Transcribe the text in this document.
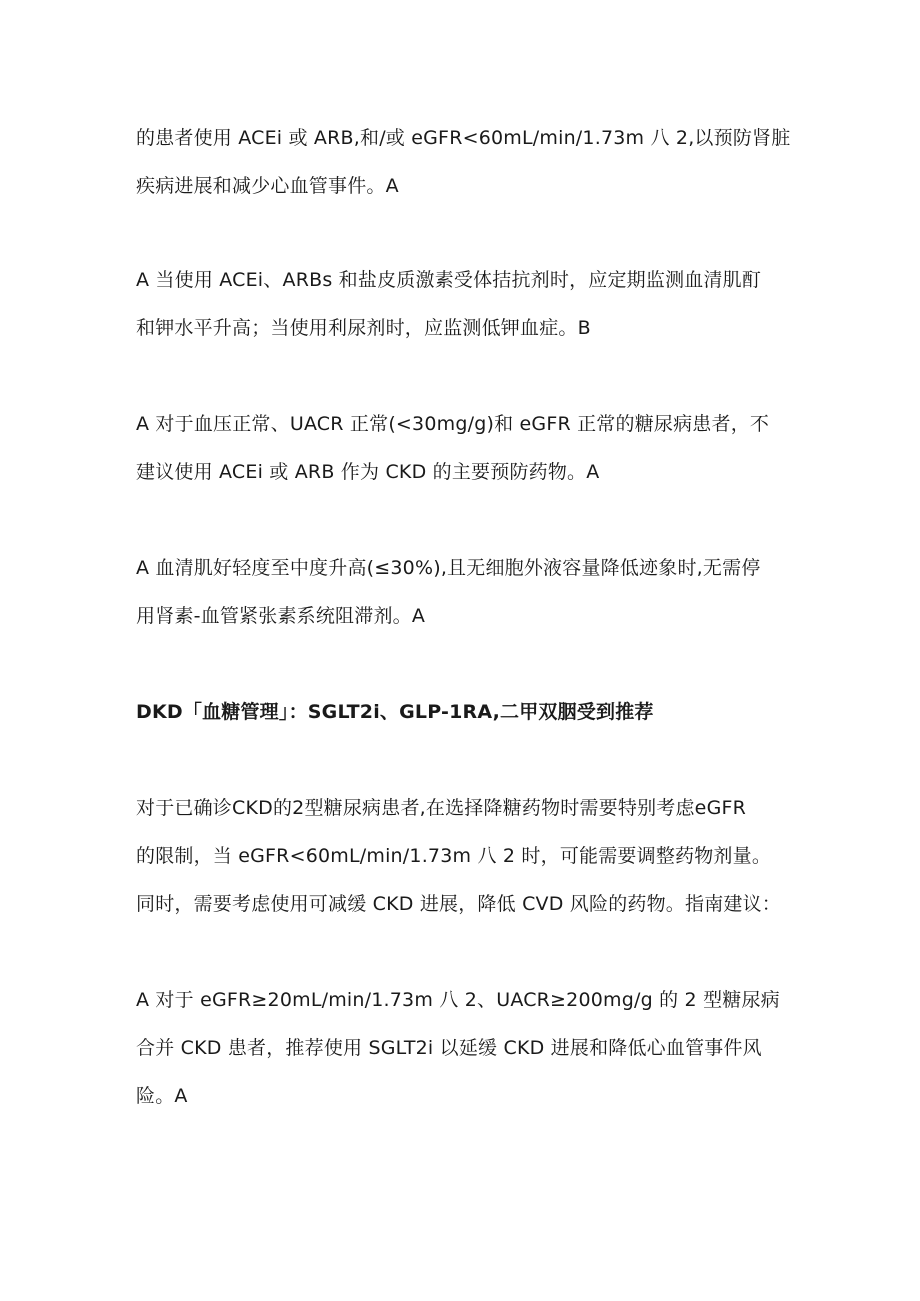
的患者使用 ACEi 或 ARB,和/或 eGFR<60mL/min/1.73m 八 2,以预防肾脏
疾病进展和减少心血管事件。A
A 当使用 ACEi、ARBs 和盐皮质激素受体拮抗剂时，应定期监测血清肌酊
和钾水平升高；当使用利尿剂时，应监测低钾血症。B
A 对于血压正常、UACR 正常(<30mg/g)和 eGFR 正常的糖尿病患者，不
建议使用 ACEi 或 ARB 作为 CKD 的主要预防药物。A
A 血清肌好轻度至中度升高(≤30%),且无细胞外液容量降低迹象时,无需停
用肾素-血管紧张素系统阻滞剂。A
DKD「血糖管理」：SGLT2i、GLP-1RA,二甲双胭受到推荐
对于已确诊CKD的2型糖尿病患者,在选择降糖药物时需要特别考虑eGFR
的限制，当 eGFR<60mL/min/1.73m 八 2 时，可能需要调整药物剂量。
同时，需要考虑使用可减缓 CKD 进展，降低 CVD 风险的药物。指南建议：
A 对于 eGFR≥20mL/min/1.73m 八 2、UACR≥200mg/g 的 2 型糖尿病
合并 CKD 患者，推荐使用 SGLT2i 以延缓 CKD 进展和降低心血管事件风
险。A
